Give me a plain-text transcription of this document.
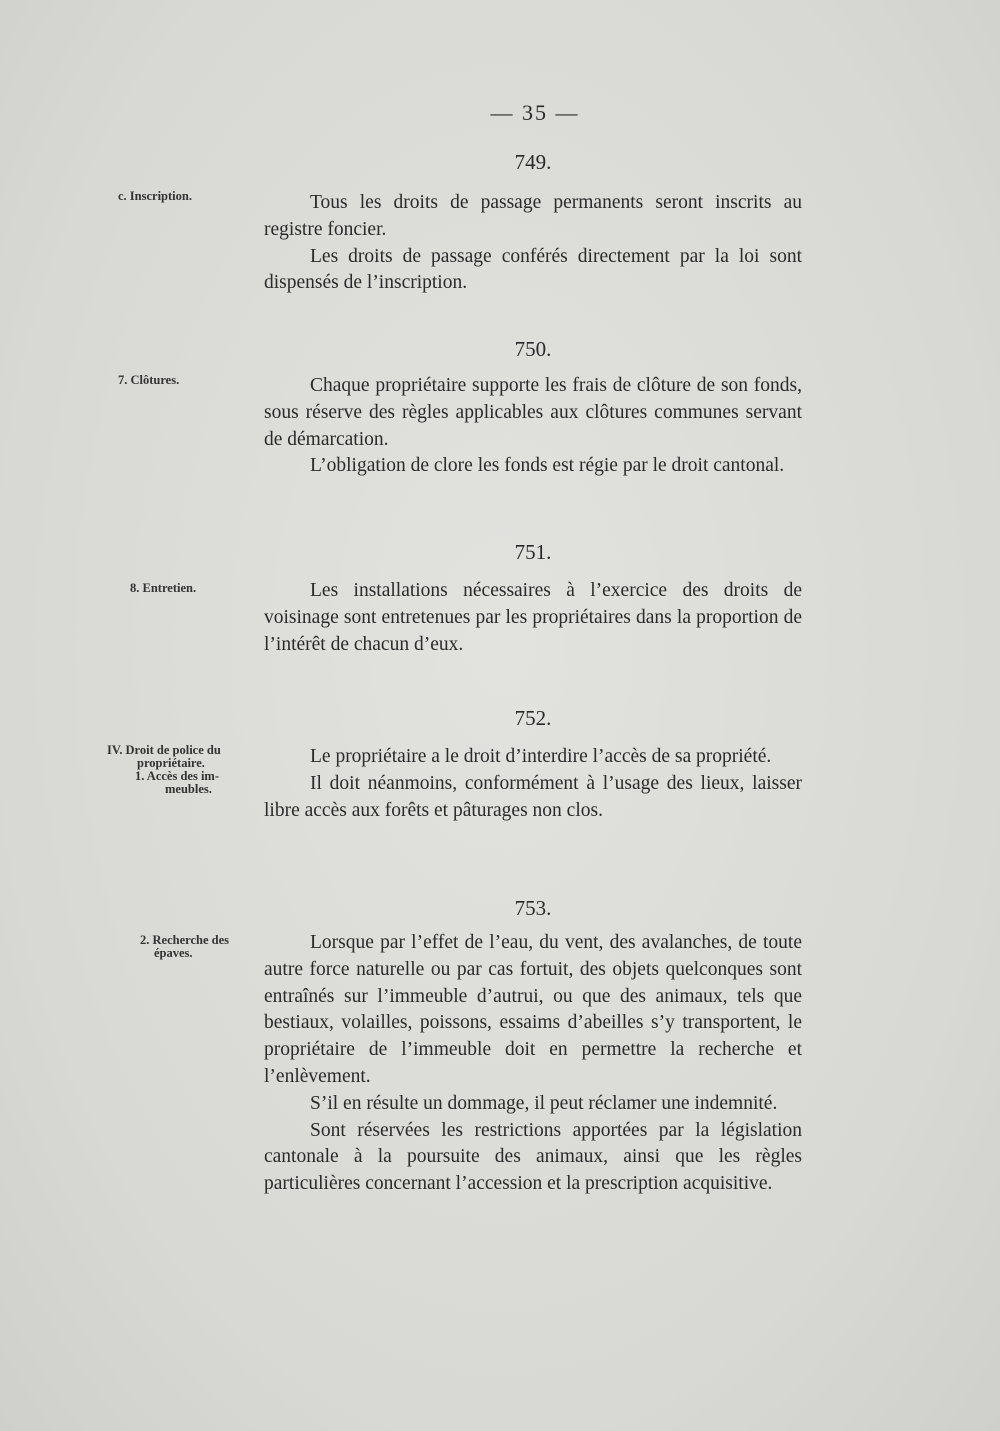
— 35 —
749.
c. Inscription.	Tous les droits de passage permanents seront inscrits au registre foncier.

Les droits de passage conférés directement par la loi sont dispensés de l’inscription.

750.
7. Clôtures.	Chaque propriétaire supporte les frais de clôture de son fonds, sous réserve des règles applicables aux clôtures communes servant de démarcation.

L’obligation de clore les fonds est régie par le droit cantonal.

751.
8. Entretien.	Les installations nécessaires à l’exercice des droits de voisinage sont entretenues par les propriétaires dans la proportion de l’intérêt de chacun d’eux.

752.
IV. Droit de police du
propriétaire.
1. Accès des im-
meubles.

Le propriétaire a le droit d’interdire l’accès de sa propriété.

Il doit néanmoins, conformément à l’usage des lieux, laisser libre accès aux forêts et pâturages non clos.

753.
2. Recherche des
épaves.	Lorsque par l’effet de l’eau, du vent, des avalanches, de toute autre force naturelle ou par cas fortuit, des objets quelconques sont entraînés sur l’immeuble d’autrui, ou que des animaux, tels que bestiaux, volailles, poissons, essaims d’abeilles s’y transportent, le propriétaire de l’immeuble doit en permettre la recherche et l’enlèvement.

S’il en résulte un dommage, il peut réclamer une indemnité.

Sont réservées les restrictions apportées par la législation cantonale à la poursuite des animaux, ainsi que les règles particulières concernant l’accession et la prescription acquisitive.
